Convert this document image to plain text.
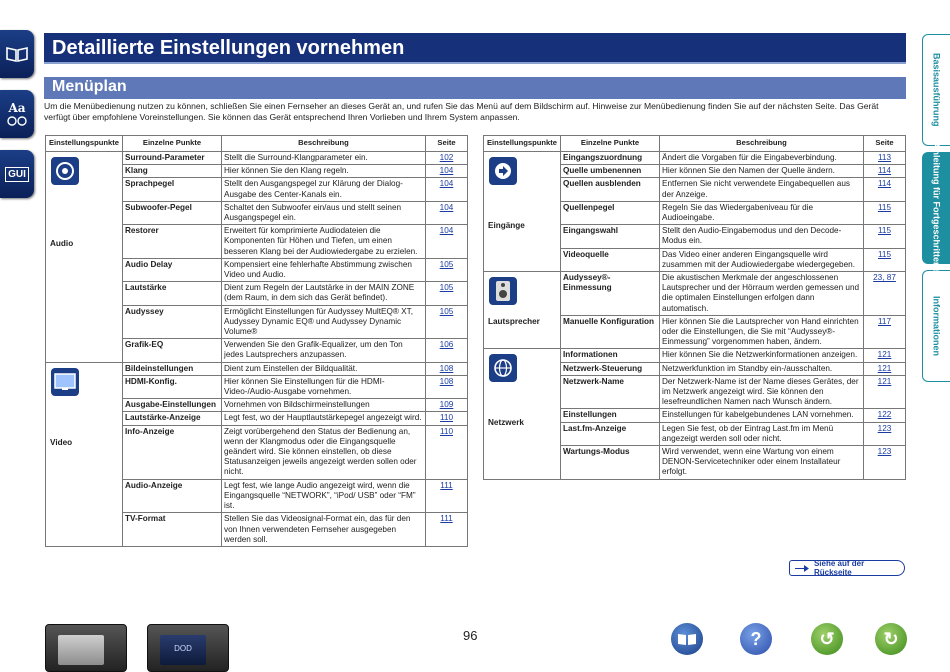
Aa
GUI
Basisausführung
Anleitung für Fortgeschrittene
Informationen
Detaillierte Einstellungen vornehmen
Menüplan
Um die Menübedienung nutzen zu können, schließen Sie einen Fernseher an dieses Gerät an, und rufen Sie das Menü auf dem Bildschirm auf. Hinweise zur Menübedienung finden Sie auf der nächsten Seite. Das Gerät verfügt über empfohlene Voreinstellungen. Sie können das Gerät entsprechend Ihren Vorlieben und Ihrem System anpassen.
Einstellungspunkte	Einzelne Punkte	Beschreibung	Seite

Audio	Surround-Parameter	Stellt die Surround-Klangparameter ein.	102
	Klang	Hier können Sie den Klang regeln.	104
	Sprachpegel	Stellt den Ausgangspegel zur Klärung der Dialog-Ausgabe des Center-Kanals ein.	104
	Subwoofer-Pegel	Schaltet den Subwoofer ein/aus und stellt seinen Ausgangspegel ein.	104
	Restorer	Erweitert für komprimierte Audiodateien die Komponenten für Höhen und Tiefen, um einen besseren Klang bei der Audiowiedergabe zu erzielen.	104
	Audio Delay	Kompensiert eine fehlerhafte Abstimmung zwischen Video und Audio.	105
	Lautstärke	Dient zum Regeln der Lautstärke in der MAIN ZONE (dem Raum, in dem sich das Gerät befindet).	105
	Audyssey	Ermöglicht Einstellungen für Audyssey MultEQ® XT, Audyssey Dynamic EQ® und Audyssey Dynamic Volume®	105
	Grafik-EQ	Verwenden Sie den Grafik-Equalizer, um den Ton jedes Lautsprechers anzupassen.	106

Video	Bildeinstellungen	Dient zum Einstellen der Bildqualität.	108
	HDMI-Konfig.	Hier können Sie Einstellungen für die HDMI-Video-/Audio-Ausgabe vornehmen.	108
	Ausgabe-Einstellungen	Vornehmen von Bildschirmeinstellungen	109
	Lautstärke-Anzeige	Legt fest, wo der Hauptlautstärkepegel angezeigt wird.	110
	Info-Anzeige	Zeigt vorübergehend den Status der Bedienung an, wenn der Klangmodus oder die Eingangsquelle geändert wird. Sie können einstellen, ob diese Statusanzeigen jeweils angezeigt werden sollen oder nicht.	110
	Audio-Anzeige	Legt fest, wie lange Audio angezeigt wird, wenn die Eingangsquelle “NETWORK”, “iPod/ USB” oder “FM” ist.	111
	TV-Format	Stellen Sie das Videosignal-Format ein, das für den von Ihnen verwendeten Fernseher ausgegeben werden soll.	111
Einstellungspunkte	Einzelne Punkte	Beschreibung	Seite

Eingänge	Eingangszuordnung	Ändert die Vorgaben für die Eingabeverbindung.	113
	Quelle umbenennen	Hier können Sie den Namen der Quelle ändern.	114
	Quellen ausblenden	Entfernen Sie nicht verwendete Eingabequellen aus der Anzeige.	114
	Quellenpegel	Regeln Sie das Wiedergabeniveau für die Audioeingabe.	115
	Eingangswahl	Stellt den Audio-Eingabemodus und den Decode-Modus ein.	115
	Videoquelle	Das Video einer anderen Eingangsquelle wird zusammen mit der Audiowiedergabe wiedergegeben.	115

Lautsprecher	Audyssey®-Einmessung	Die akustischen Merkmale der angeschlossenen Lautsprecher und der Hörraum werden gemessen und die optimalen Einstellungen erfolgen dann automatisch.	23, 87
	Manuelle Konfiguration	Hier können Sie die Lautsprecher von Hand einrichten oder die Einstellungen, die Sie mit “Audyssey®-Einmessung” vorgenommen haben, ändern.	117

Netzwerk	Informationen	Hier können Sie die Netzwerkinformationen anzeigen.	121
	Netzwerk-Steuerung	Netzwerkfunktion im Standby ein-/ausschalten.	121
	Netzwerk-Name	Der Netzwerk-Name ist der Name dieses Gerätes, der im Netzwerk angezeigt wird. Sie können den lesefreundlichen Namen nach Wunsch ändern.	121
	Einstellungen	Einstellungen für kabelgebundenes LAN vornehmen.	122
	Last.fm-Anzeige	Legen Sie fest, ob der Eintrag Last.fm im Menü angezeigt werden soll oder nicht.	123
	Wartungs-Modus	Wird verwendet, wenn eine Wartung von einem DENON-Servicetechniker oder einem Installateur erfolgt.	123
Siehe auf der Rückseite
DOD
96	?	↺	↻
